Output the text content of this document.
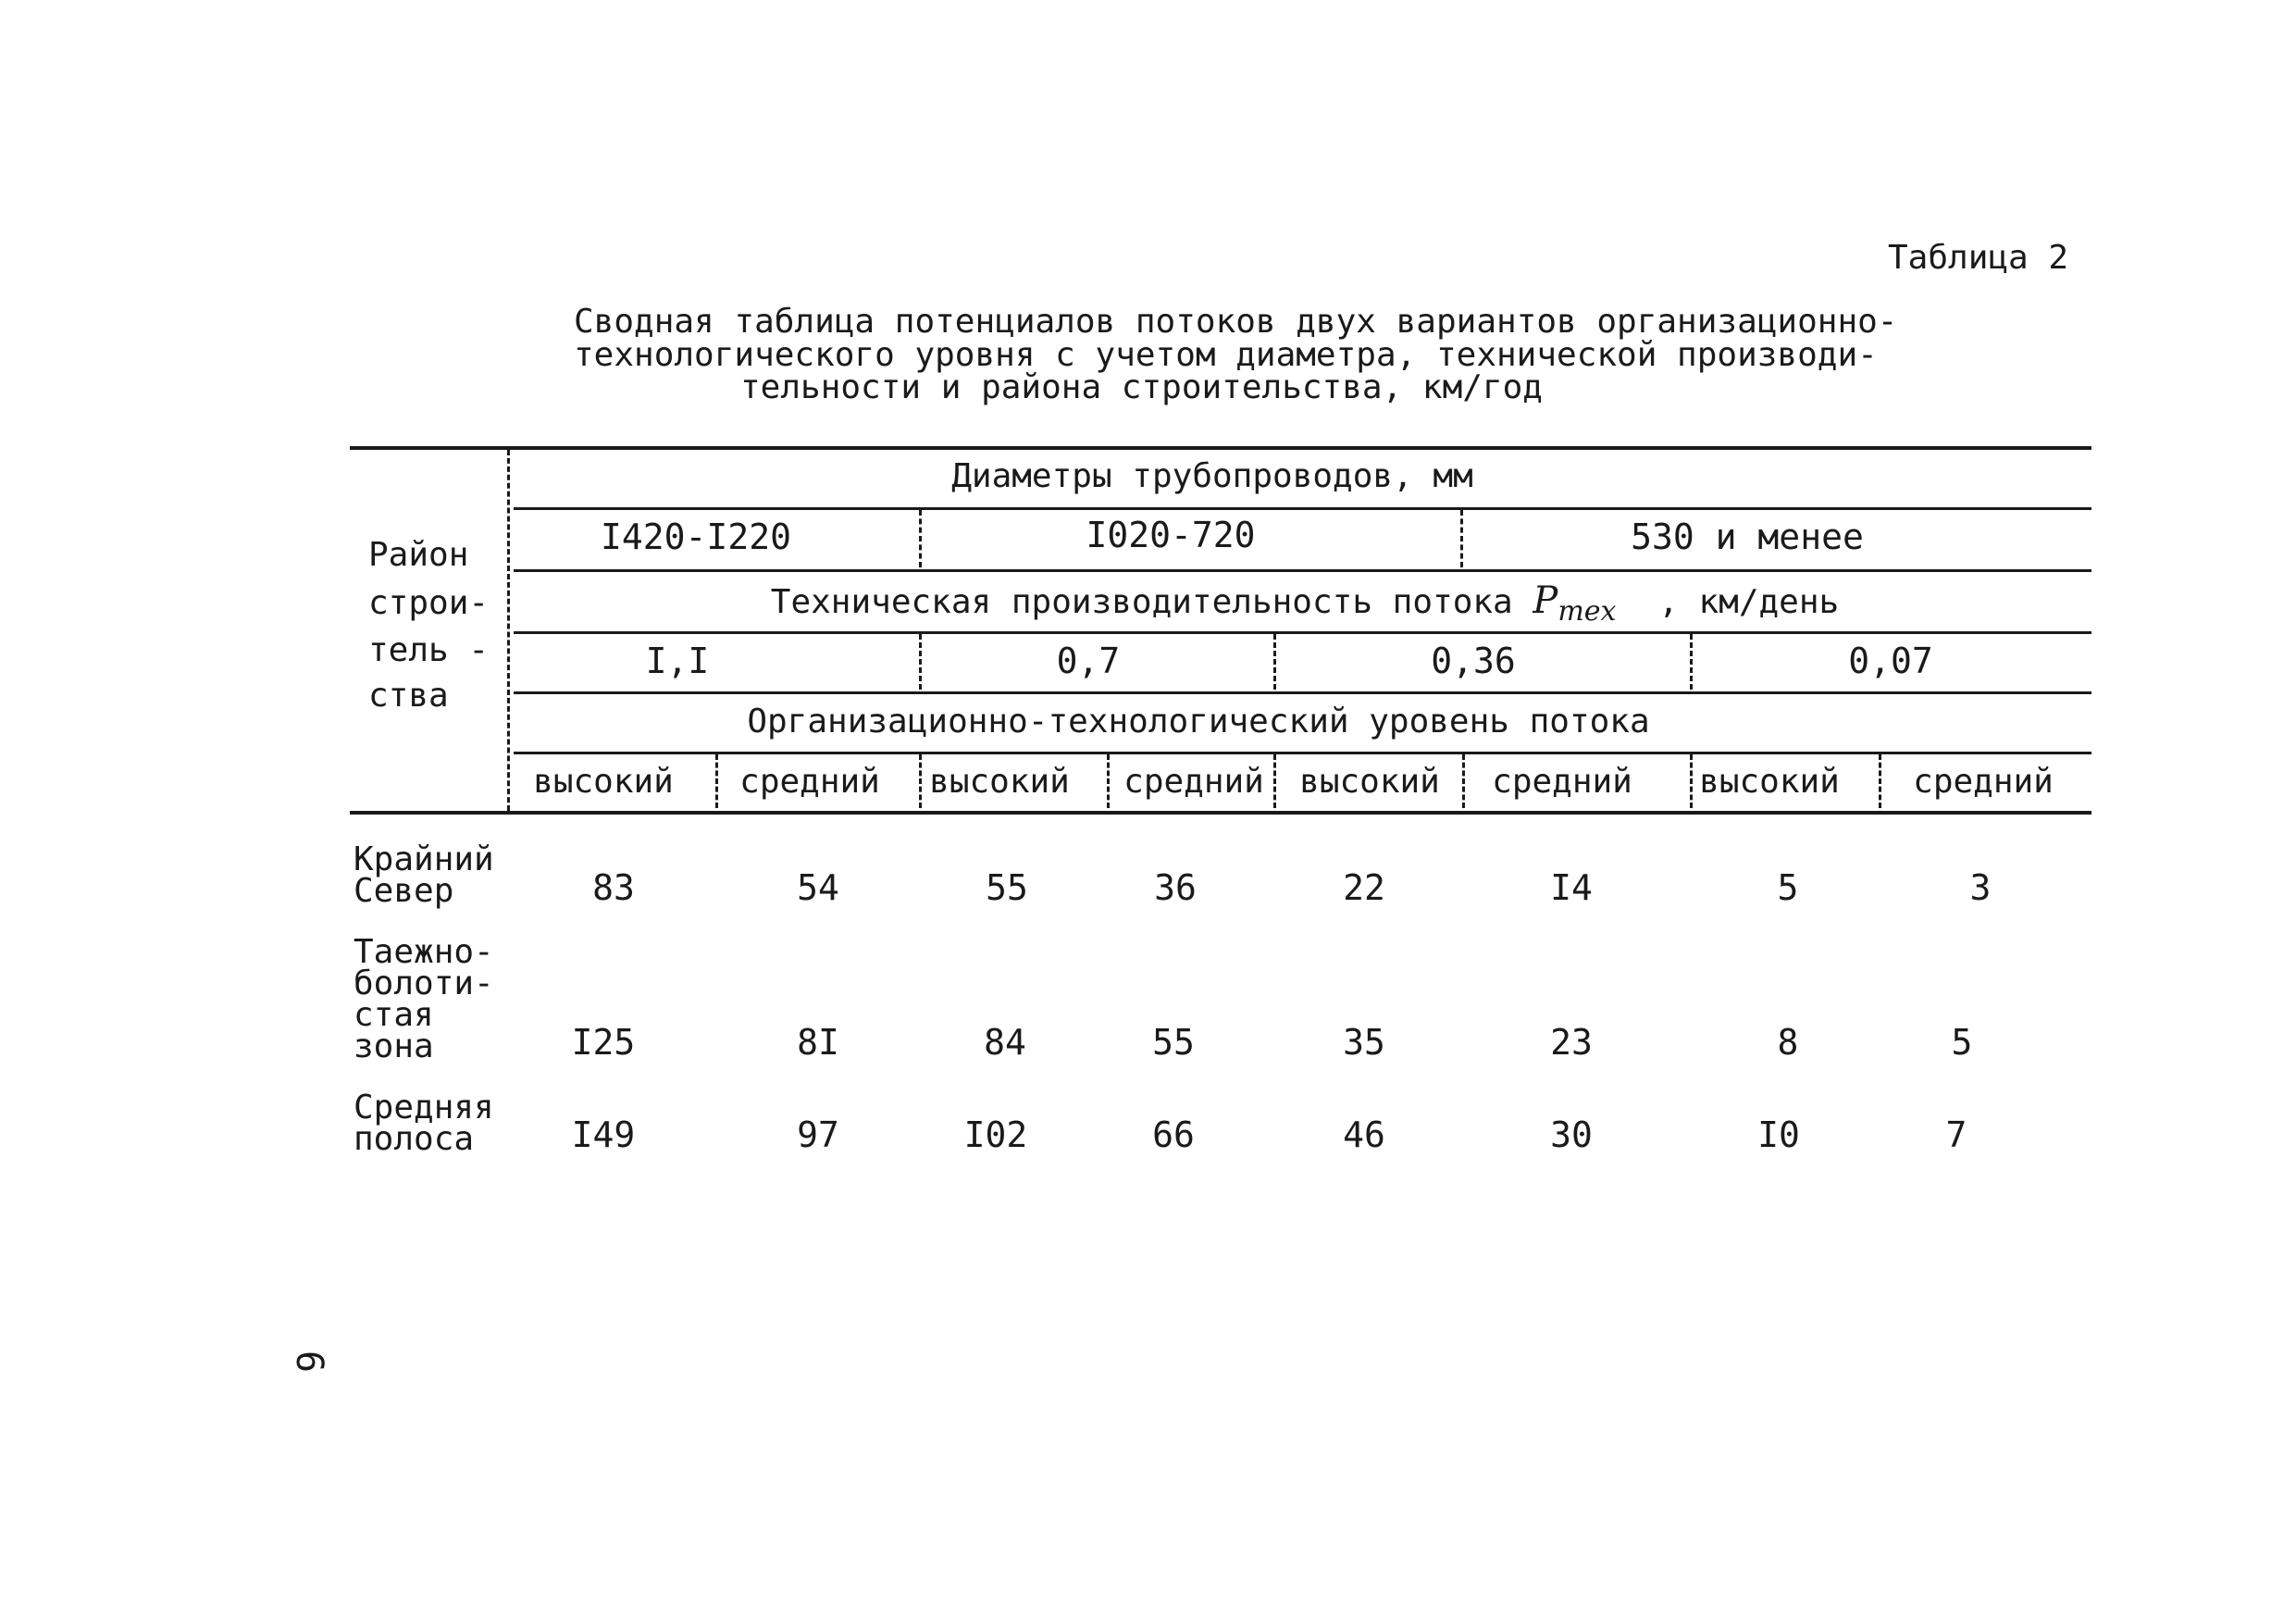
Таблица 2
Сводная таблица потенциалов потоков двух вариантов организационно-
технологического уровня с учетом диаметра, технической производи-
тельности и района строительства, км/год
Район
строи-
тель -
ства
Диаметры трубопроводов, мм
I420-I220	I020-720	530 и менее
Техническая производительность потока $P_{тех}$ , км/день
I,I	0,7	0,36	0,07
Организационно-технологический уровень потока
высокий средний высокий средний высокий средний высокий средний
Крайний
Север	83	54	55	36	22	I4	5	3
Таежно-
болоти-
стая
зона	I25	8I	84	55	35	23	8	5
Средняя
полоса	I49	97	I02	66	46	30	I0	7
6
